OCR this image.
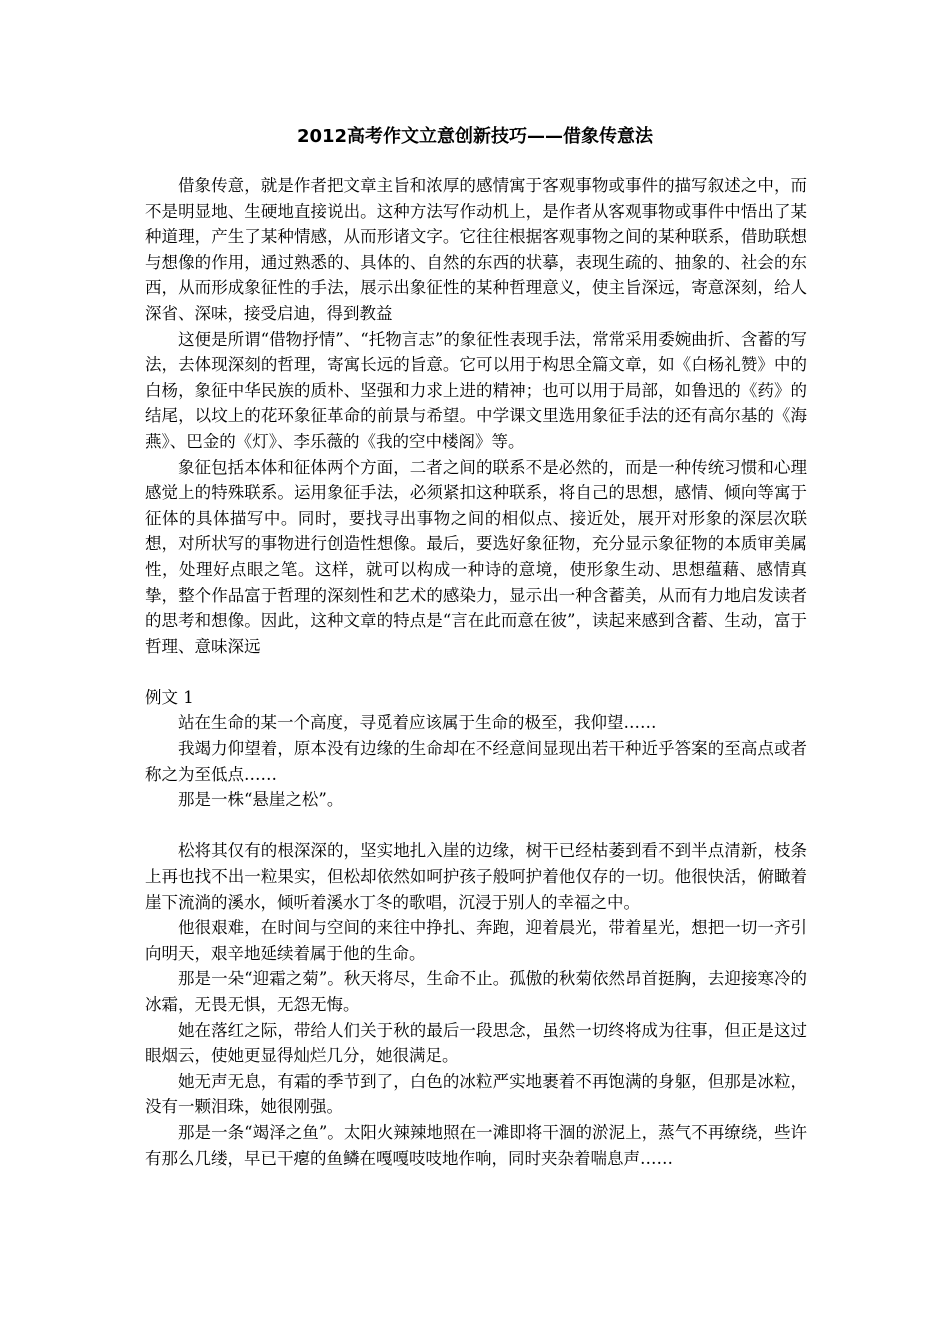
2012高考作文立意创新技巧——借象传意法

借象传意，就是作者把文章主旨和浓厚的感情寓于客观事物或事件的描写叙述之中，而不是明显地、生硬地直接说出。这种方法写作动机上，是作者从客观事物或事件中悟出了某种道理，产生了某种情感，从而形诸文字。它往往根据客观事物之间的某种联系，借助联想与想像的作用，通过熟悉的、具体的、自然的东西的状摹，表现生疏的、抽象的、社会的东西，从而形成象征性的手法，展示出象征性的某种哲理意义，使主旨深远，寄意深刻，给人深省、深味，接受启迪，得到教益

这便是所谓“借物抒情”、“托物言志”的象征性表现手法，常常采用委婉曲折、含蓄的写法，去体现深刻的哲理，寄寓长远的旨意。它可以用于构思全篇文章，如《白杨礼赞》中的白杨，象征中华民族的质朴、坚强和力求上进的精神；也可以用于局部，如鲁迅的《药》的结尾，以坟上的花环象征革命的前景与希望。中学课文里选用象征手法的还有高尔基的《海燕》、巴金的《灯》、李乐薇的《我的空中楼阁》等。

象征包括本体和征体两个方面，二者之间的联系不是必然的，而是一种传统习惯和心理感觉上的特殊联系。运用象征手法，必须紧扣这种联系，将自己的思想，感情、倾向等寓于征体的具体描写中。同时，要找寻出事物之间的相似点、接近处，展开对形象的深层次联想，对所状写的事物进行创造性想像。最后，要选好象征物，充分显示象征物的本质审美属性，处理好点眼之笔。这样，就可以构成一种诗的意境，使形象生动、思想蕴藉、感情真挚，整个作品富于哲理的深刻性和艺术的感染力，显示出一种含蓄美，从而有力地启发读者的思考和想像。因此，这种文章的特点是“言在此而意在彼”，读起来感到含蓄、生动，富于哲理、意味深远

例文 1

站在生命的某一个高度，寻觅着应该属于生命的极至，我仰望……

我竭力仰望着，原本没有边缘的生命却在不经意间显现出若干种近乎答案的至高点或者称之为至低点……

那是一株“悬崖之松”。

松将其仅有的根深深的，坚实地扎入崖的边缘，树干已经枯萎到看不到半点清新，枝条上再也找不出一粒果实，但松却依然如呵护孩子般呵护着他仅存的一切。他很快活，俯瞰着崖下流淌的溪水，倾听着溪水丁冬的歌唱，沉浸于别人的幸福之中。

他很艰难，在时间与空间的来往中挣扎、奔跑，迎着晨光，带着星光，想把一切一齐引向明天，艰辛地延续着属于他的生命。

那是一朵“迎霜之菊”。秋天将尽，生命不止。孤傲的秋菊依然昂首挺胸，去迎接寒冷的冰霜，无畏无惧，无怨无悔。

她在落红之际，带给人们关于秋的最后一段思念，虽然一切终将成为往事，但正是这过眼烟云，使她更显得灿烂几分，她很满足。

她无声无息，有霜的季节到了，白色的冰粒严实地裹着不再饱满的身躯，但那是冰粒，没有一颗泪珠，她很刚强。

那是一条“竭泽之鱼”。太阳火辣辣地照在一滩即将干涸的淤泥上，蒸气不再缭绕，些许有那么几缕，早已干瘪的鱼鳞在嘎嘎吱吱地作响，同时夹杂着喘息声……
